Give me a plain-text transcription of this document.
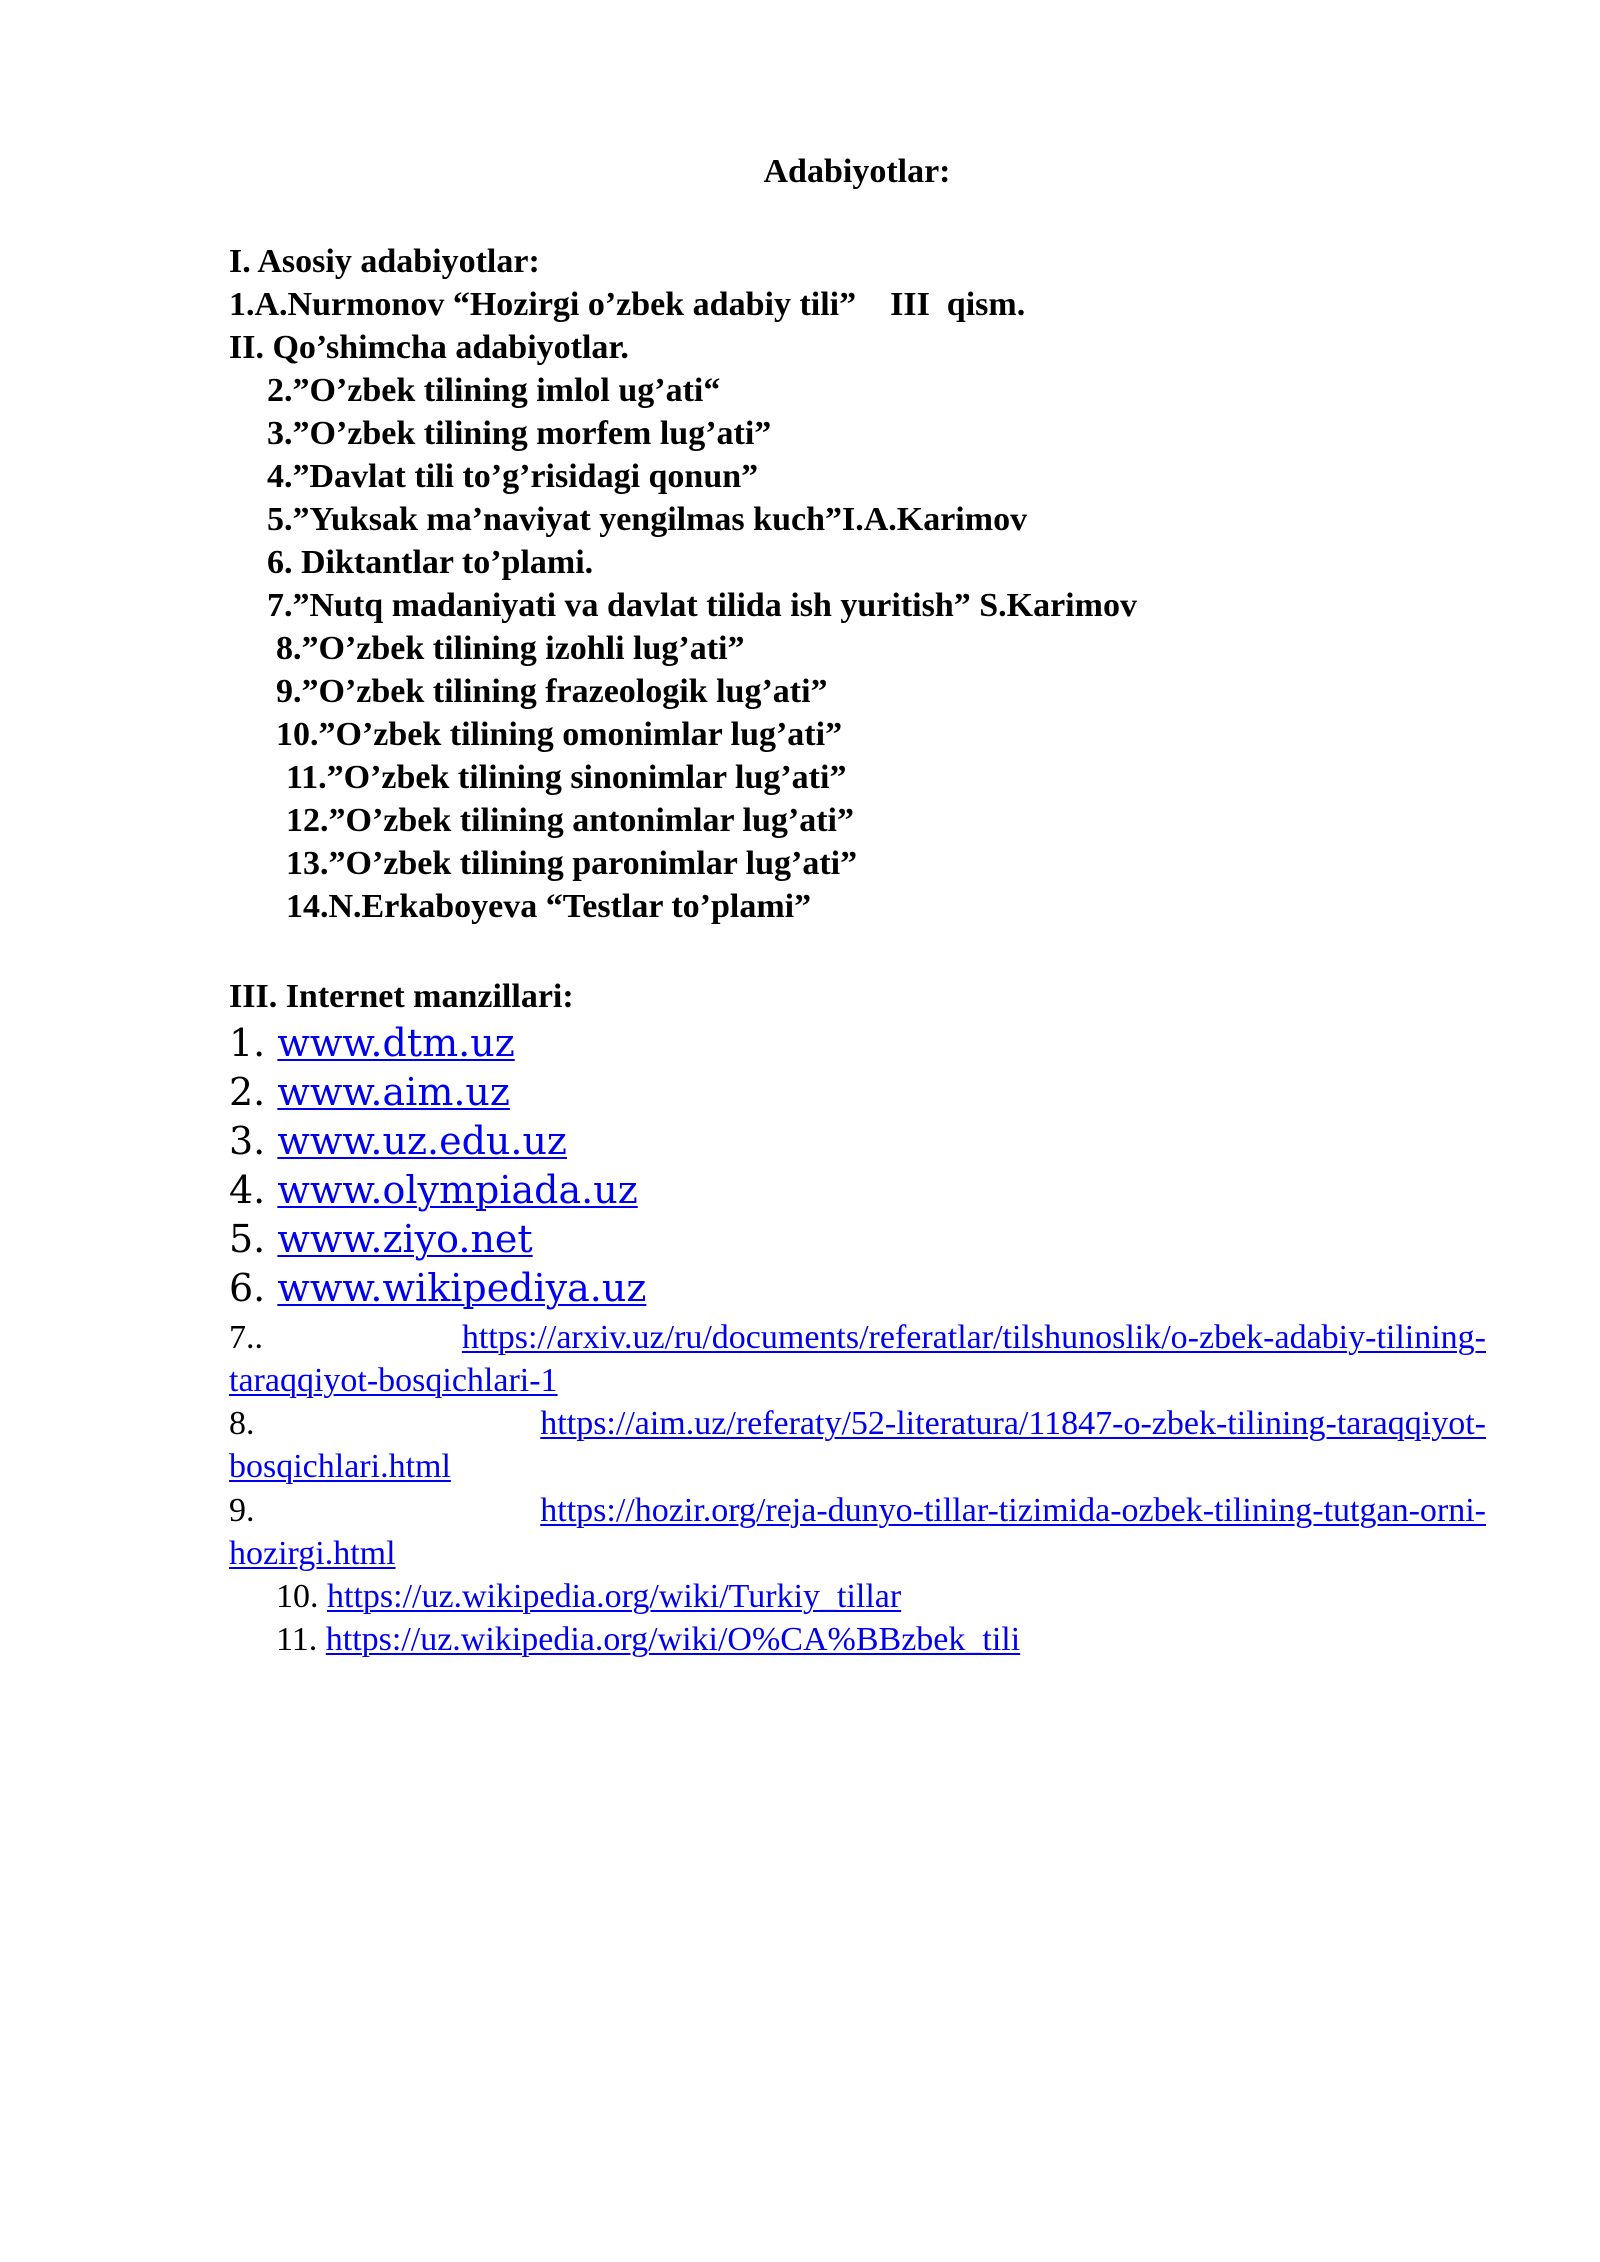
Adabiyotlar:
I. Asosiy adabiyotlar:
1.A.Nurmonov “Hozirgi o’zbek adabiy tili”    III  qism.
II. Qo’shimcha adabiyotlar.
2.”O’zbek tilining imlol ug’ati“
3.”O’zbek tilining morfem lug’ati”
4.”Davlat tili to’g’risidagi qonun”
5.”Yuksak ma’naviyat yengilmas kuch”I.A.Karimov
6. Diktantlar to’plami.
7.”Nutq madaniyati va davlat tilida ish yuritish” S.Karimov
8.”O’zbek tilining izohli lug’ati”
9.”O’zbek tilining frazeologik lug’ati”
10.”O’zbek tilining omonimlar lug’ati”
11.”O’zbek tilining sinonimlar lug’ati”
12.”O’zbek tilining antonimlar lug’ati”
13.”O’zbek tilining paronimlar lug’ati”
14.N.Erkaboyeva “Testlar to’plami”
III. Internet manzillari:
1. www.dtm.uz
2. www.aim.uz
3. www.uz.edu.uz
4. www.olympiada.uz
5. www.ziyo.net
6. www.wikipediya.uz
7..	https://arxiv.uz/ru/documents/referatlar/tilshunoslik/o-zbek-adabiy-tilining-
taraqqiyot-bosqichlari-1
8.	https://aim.uz/referaty/52-literatura/11847-o-zbek-tilining-taraqqiyot-
bosqichlari.html
9.	https://hozir.org/reja-dunyo-tillar-tizimida-ozbek-tilining-tutgan-orni-
hozirgi.html
10. https://uz.wikipedia.org/wiki/Turkiy_tillar
11. https://uz.wikipedia.org/wiki/O%CA%BBzbek_tili
